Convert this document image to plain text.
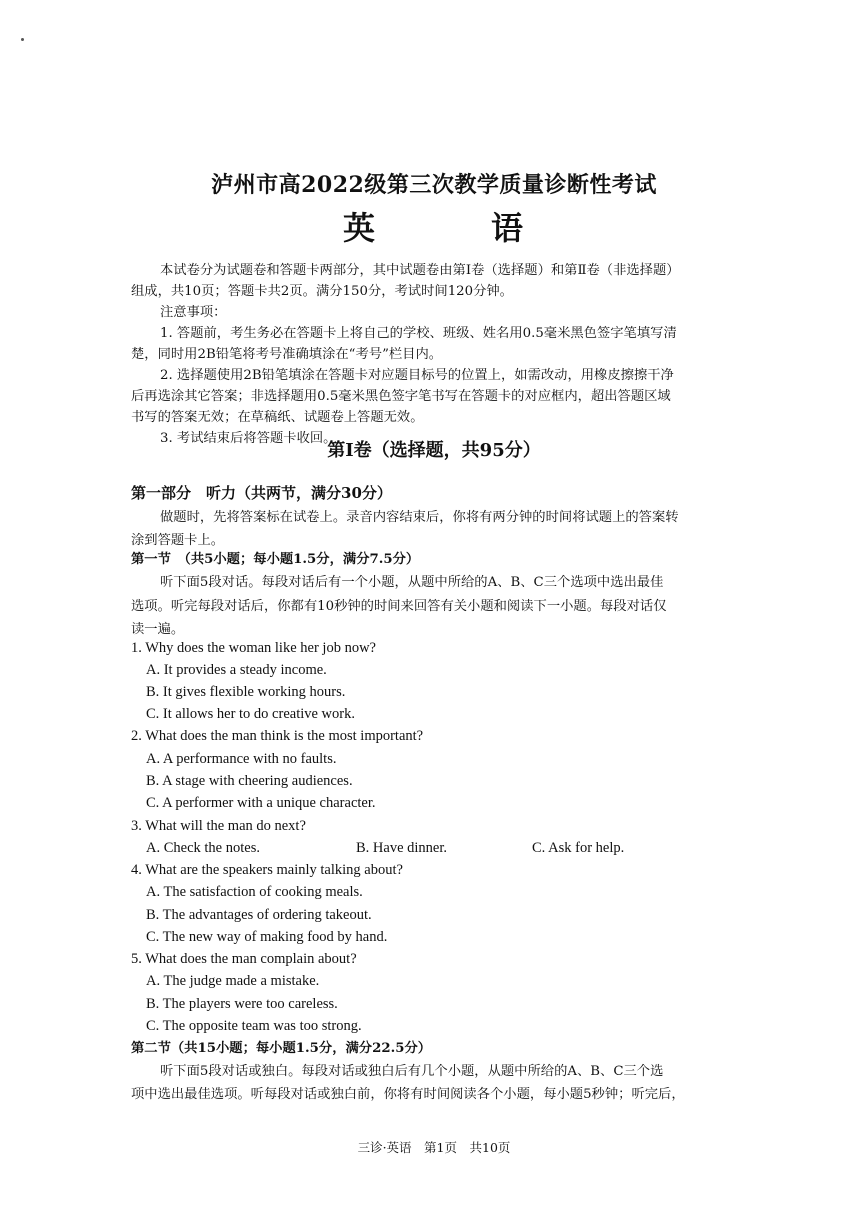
泸州市高2022级第三次教学质量诊断性考试
英　语
本试卷分为试题卷和答题卡两部分，其中试题卷由第Ⅰ卷（选择题）和第Ⅱ卷（非选择题）
组成，共10页；答题卡共2页。满分150分，考试时间120分钟。
注意事项：
1. 答题前，考生务必在答题卡上将自己的学校、班级、姓名用0.5毫米黑色签字笔填写清
楚，同时用2B铅笔将考号准确填涂在“考号”栏目内。
2. 选择题使用2B铅笔填涂在答题卡对应题目标号的位置上，如需改动，用橡皮擦擦干净
后再选涂其它答案；非选择题用0.5毫米黑色签字笔书写在答题卡的对应框内，超出答题区域
书写的答案无效；在草稿纸、试题卷上答题无效。
3. 考试结束后将答题卡收回。
第Ⅰ卷（选择题，共95分）
第一部分　听力（共两节，满分30分）
做题时，先将答案标在试卷上。录音内容结束后，你将有两分钟的时间将试题上的答案转
涂到答题卡上。
第一节　（共5小题；每小题1.5分，满分7.5分）
听下面5段对话。每段对话后有一个小题，从题中所给的A、B、C三个选项中选出最佳
选项。听完每段对话后，你都有10秒钟的时间来回答有关小题和阅读下一小题。每段对话仅
读一遍。
1. Why does the woman like her job now?
A. It provides a steady income.
B. It gives flexible working hours.
C. It allows her to do creative work.
2. What does the man think is the most important?
A. A performance with no faults.
B. A stage with cheering audiences.
C. A performer with a unique character.
3. What will the man do next?
A. Check the notes.	B. Have dinner.	C. Ask for help.
4. What are the speakers mainly talking about?
A. The satisfaction of cooking meals.
B. The advantages of ordering takeout.
C. The new way of making food by hand.
5. What does the man complain about?
A. The judge made a mistake.
B. The players were too careless.
C. The opposite team was too strong.
第二节（共15小题；每小题1.5分，满分22.5分）
听下面5段对话或独白。每段对话或独白后有几个小题，从题中所给的A、B、C三个选
项中选出最佳选项。听每段对话或独白前，你将有时间阅读各个小题，每小题5秒钟；听完后，
三诊·英语　第1页　共10页
